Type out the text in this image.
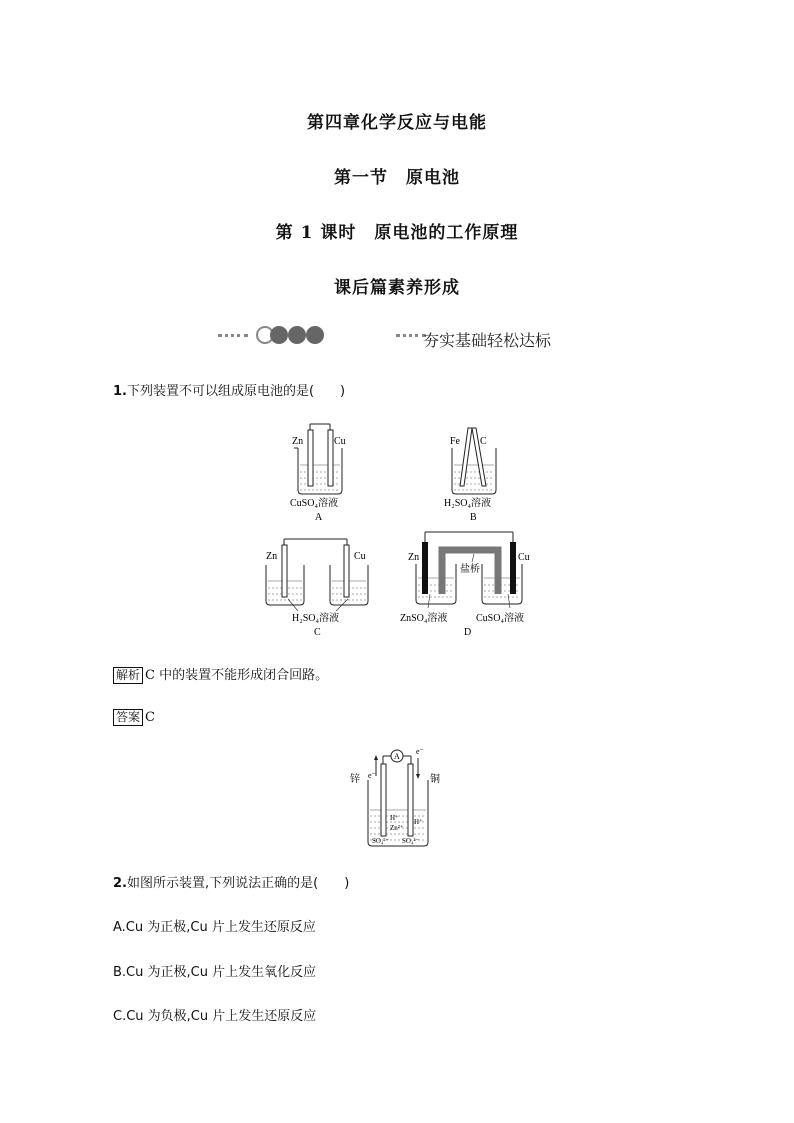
第四章化学反应与电能
第一节　原电池
第 1 课时　原电池的工作原理
课后篇素养形成
夯实基础轻松达标
1.下列装置不可以组成原电池的是(　　)
Zn	Cu
CuSO₄溶液
A
Fe C
H₂SO₄溶液
B
Zn	Cu
H₂SO₄溶液
C
Zn	Cu
盐桥
ZnSO₄溶液	CuSO₄溶液
D
解析 C 中的装置不能形成闭合回路。
答案 C
A
e⁻
e⁻
锌	铜
H⁺ H⁺
Zn²⁺
SO₄²⁻ SO₄²⁻
2.如图所示装置,下列说法正确的是(　　)
A.Cu 为正极,Cu 片上发生还原反应
B.Cu 为正极,Cu 片上发生氧化反应
C.Cu 为负极,Cu 片上发生还原反应
